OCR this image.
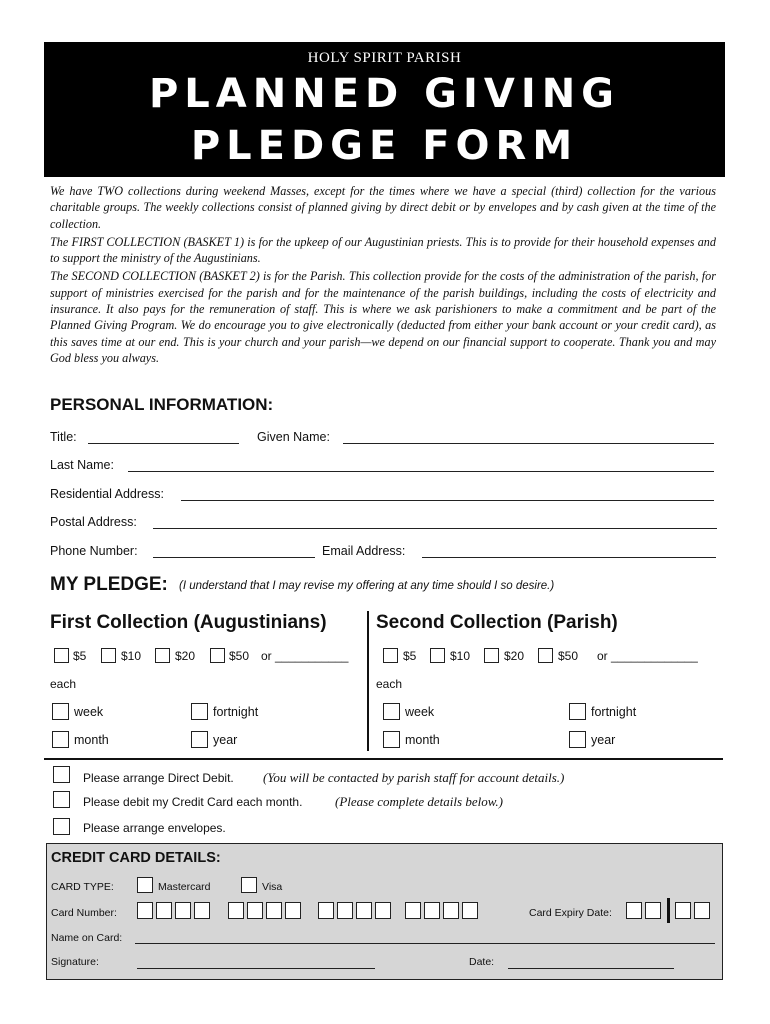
HOLY SPIRIT PARISH
PLANNED GIVING
PLEDGE FORM

We have TWO collections during weekend Masses, except for the times where we have a special (third) collection for the various charitable groups. The weekly collections consist of planned giving by direct debit or by envelopes and by cash given at the time of the collection.

The FIRST COLLECTION (BASKET 1) is for the upkeep of our Augustinian priests. This is to provide for their household expenses and to support the ministry of the Augustinians.

The SECOND COLLECTION (BASKET 2) is for the Parish. This collection provide for the costs of the administration of the parish, for support of ministries exercised for the parish and for the maintenance of the parish buildings, including the costs of electricity and insurance. It also pays for the remuneration of staff. This is where we ask parishioners to make a commitment and be part of the Planned Giving Program. We do encourage you to give electronically (deducted from either your bank account or your credit card), as this saves time at our end. This is your church and your parish—we depend on our financial support to cooperate. Thank you and may God bless you always.

PERSONAL INFORMATION:
Title:	Given Name:
Last Name:
Residential Address:
Postal Address:
Phone Number:	Email Address:
MY PLEDGE: (I understand that I may revise my offering at any time should I so desire.)
First Collection (Augustinians)
$5	$10	$20	$50 or ___________
each
week	fortnight
month	year
Second Collection (Parish)
$5	$10	$20	$50 or _____________
each
week	fortnight
month	year
Please arrange Direct Debit. (You will be contacted by parish staff for account details.)
Please debit my Credit Card each month.	(Please complete details below.)
Please arrange envelopes.
CREDIT CARD DETAILS:
CARD TYPE:	Mastercard	Visa
Card Number:	Card Expiry Date:
Name on Card:
Signature:	Date:
